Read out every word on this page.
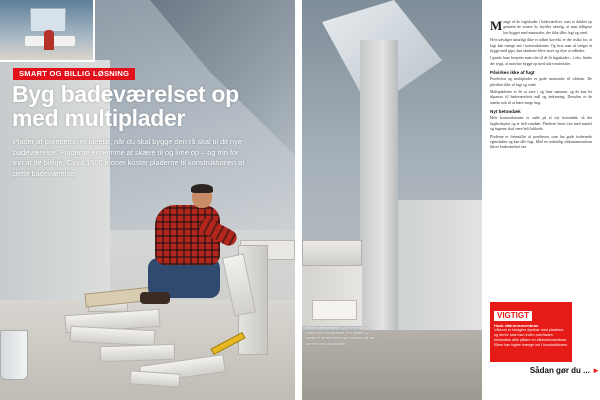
SMART OG BILLIG LØSNING
Byg badeværelset op
med multiplader
Plader af porebeton er ideelle, når du skal bygge den rå skal til dit nye badeværelse. Pladerne er nemme at skære til og lime op – og trin for trin at de billige. Cirka 1500 kroner koster pladerne til konstruktionen af dette badeværelse.
Hele indretningen i badeværelset kan klares med multiplader. Fra hylder og skabe til brusernicher og badekar, alt kan formes med multiplader.

Mange af de fugtskader i badeværelser, som er dukket op gennem de senere år, skyldes nemlig, at man tidligere har bygget med materialer, der ikke tåler fugt og vand.

Hvis udvalget naturligt ikke er udført korrekt, er der risiko for, at fugt kan trænge ind i konstruktionen. Og hvis man så vælger at bygge med gips, kan skaderne blive store og dyre at udbedre.

I gamle huse benytter man ofte til de få fugtskader – f.eks. findes der trygt, at man bør bygge op med sikre materialer.

Påvirkes ikke af fugt

Porebeton og multiplader er gode materialer til vådrum. De påvirkes ikke af fugt og vand.

Multipladerne er let at save i og lime sammen, og de kan let tilpasses til badeværelsets mål og indretning. Desuden er de stærke nok til at bære tunge ting.

Nyt betondæk

Hele konstruktionen er støbt på et nyt betondæk, så det fugtbeskyttet og er helt vandtæt. Pladerne limes fast med mørtel og fugerne skal være helt lukkede.

Pladerne er fremstillet af porebeton, som har gode isolerende egenskaber og kan tåle fugt. Med en ordentlig vådrumsmembran bliver badeværelset tæt.

VIGTIGT
Husk vådrumsmembran
Vådrum er belagtes dyrebar med pladerne, og derfor skal man inden overfladen behandles altid påføre en vådrumsmembran. Ellers kan fugten trænge ind i konstruktionen.
Sådan gør du ... ►
